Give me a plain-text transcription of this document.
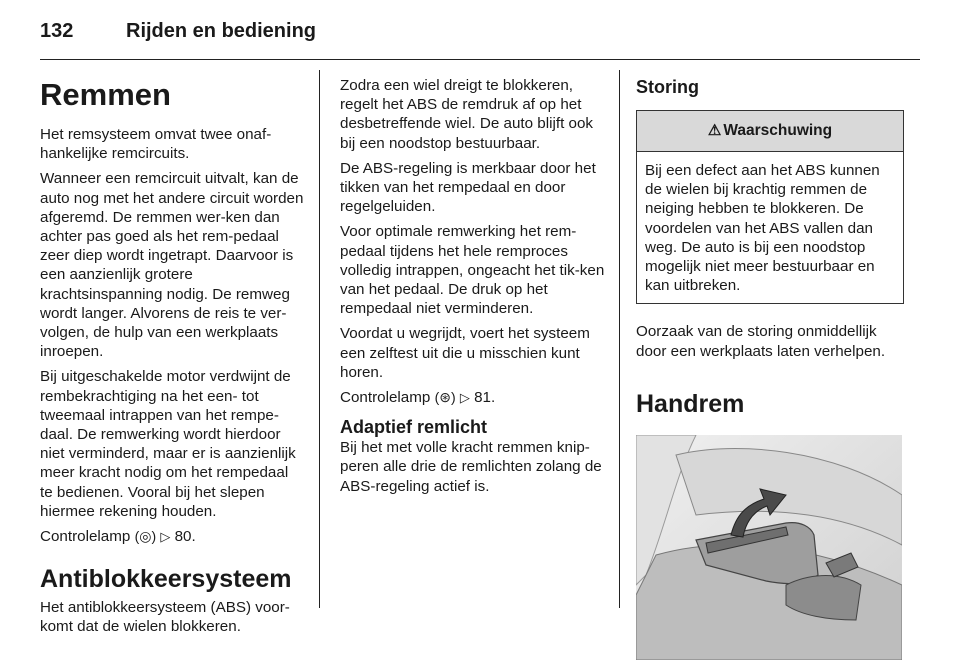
132	Rijden en bediening
Remmen

Het remsysteem omvat twee onaf-hankelijke remcircuits.

Wanneer een remcircuit uitvalt, kan de auto nog met het andere circuit worden afgeremd. De remmen wer-ken dan achter pas goed als het rem-pedaal zeer diep wordt ingetrapt. Daarvoor is een aanzienlijk grotere krachtsinspanning nodig. De remweg wordt langer. Alvorens de reis te ver-volgen, de hulp van een werkplaats inroepen.

Bij uitgeschakelde motor verdwijnt de rembekrachtiging na het een- tot tweemaal intrappen van het rempe-daal. De remwerking wordt hierdoor niet verminderd, maar er is aanzienlijk meer kracht nodig om het rempedaal te bedienen. Vooral bij het slepen hiermee rekening houden.

Controlelamp (◎) ▷ 80.

Antiblokkeersysteem

Het antiblokkeersysteem (ABS) voor-komt dat de wielen blokkeren.

Zodra een wiel dreigt te blokkeren, regelt het ABS de remdruk af op het desbetreffende wiel. De auto blijft ook bij een noodstop bestuurbaar.

De ABS-regeling is merkbaar door het tikken van het rempedaal en door regelgeluiden.

Voor optimale remwerking het rem-pedaal tijdens het hele remproces volledig intrappen, ongeacht het tik-ken van het pedaal. De druk op het rempedaal niet verminderen.

Voordat u wegrijdt, voert het systeem een zelftest uit die u misschien kunt horen.

Controlelamp (⊛) ▷ 81.

Adaptief remlicht

Bij het met volle kracht remmen knip-peren alle drie de remlichten zolang de ABS-regeling actief is.

Storing
⚠ Waarschuwing
Bij een defect aan het ABS kunnen de wielen bij krachtig remmen de neiging hebben te blokkeren. De voordelen van het ABS vallen dan weg. De auto is bij een noodstop mogelijk niet meer bestuurbaar en kan uitbreken.

Oorzaak van de storing onmiddellijk door een werkplaats laten verhelpen.

Handrem
